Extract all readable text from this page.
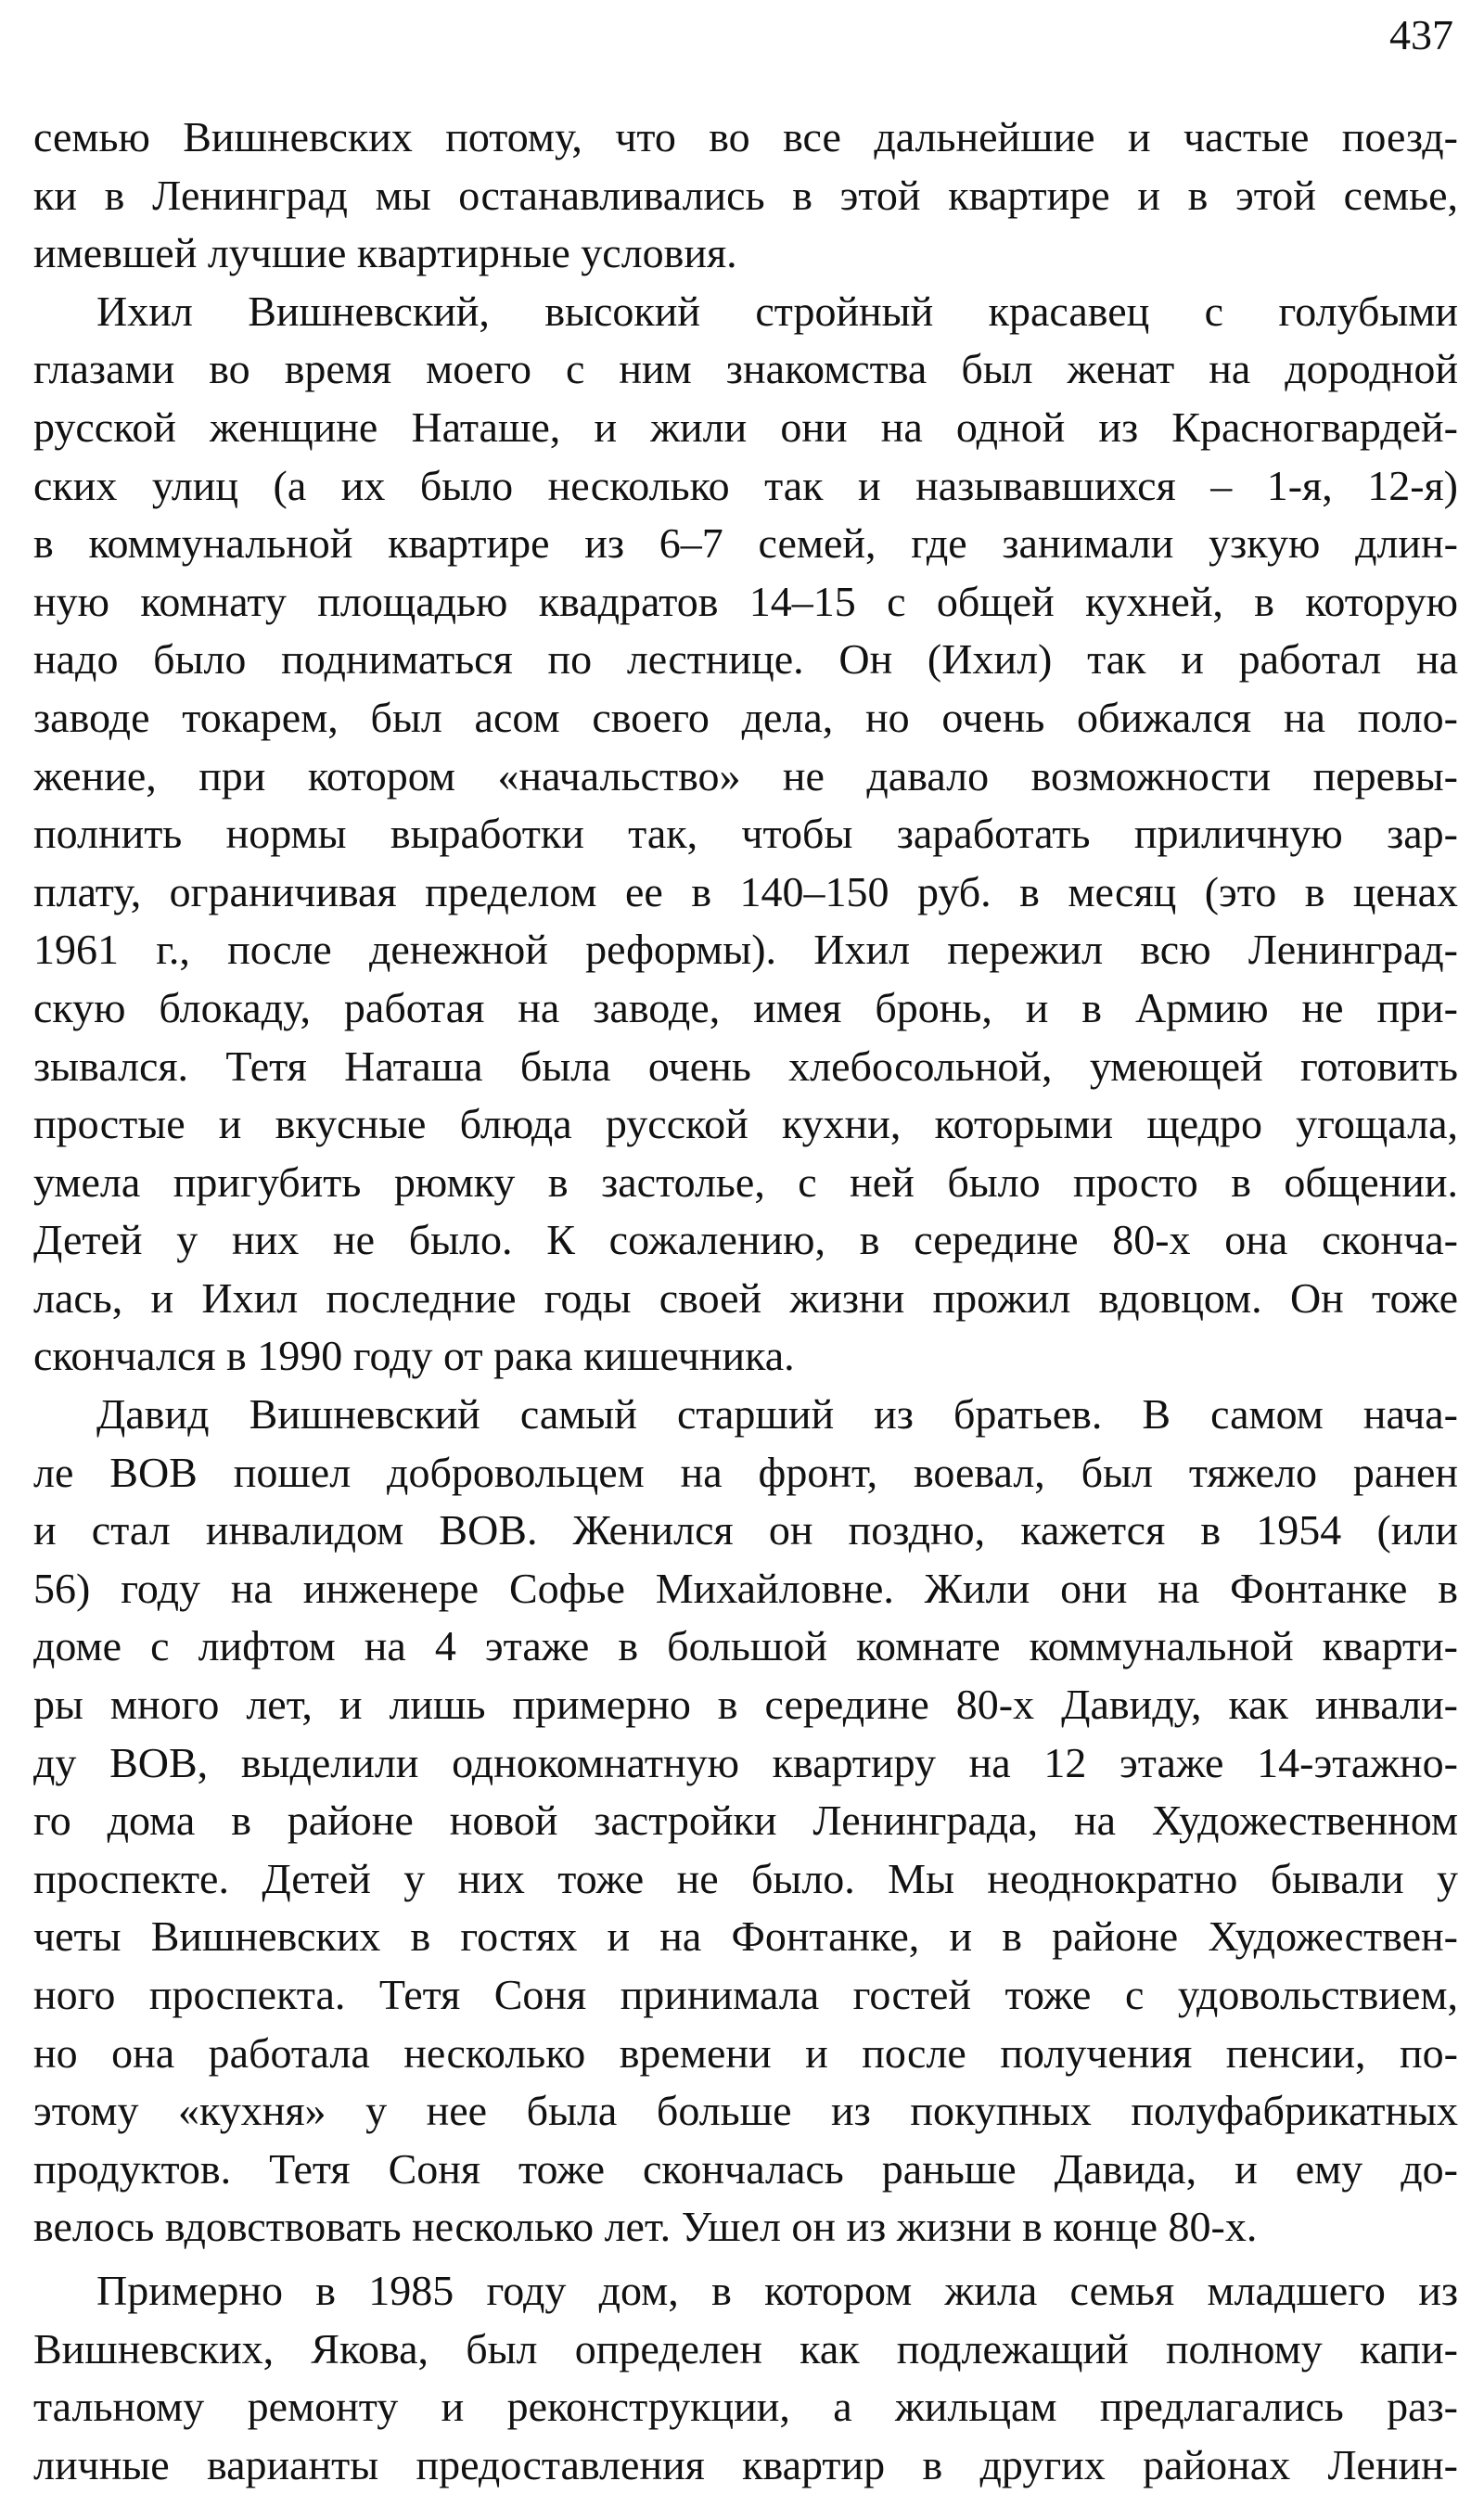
437
семью Вишневских потому, что во все дальнейшие и частые поезд-
ки в Ленинград мы останавливались в этой квартире и в этой семье,
имевшей лучшие квартирные условия.
Ихил Вишневский, высокий стройный красавец с голубыми
глазами во время моего с ним знакомства был женат на дородной
русской женщине Наташе, и жили они на одной из Красногвардей-
ских улиц (а их было несколько так и называвшихся – 1-я, 12-я)
в коммунальной квартире из 6–7 семей, где занимали узкую длин-
ную комнату площадью квадратов 14–15 с общей кухней, в которую
надо было подниматься по лестнице. Он (Ихил) так и работал на
заводе токарем, был асом своего дела, но очень обижался на поло-
жение, при котором «начальство» не давало возможности перевы-
полнить нормы выработки так, чтобы заработать приличную зар-
плату, ограничивая пределом ее в 140–150 руб. в месяц (это в ценах
1961 г., после денежной реформы). Ихил пережил всю Ленинград-
скую блокаду, работая на заводе, имея бронь, и в Армию не при-
зывался. Тетя Наташа была очень хлебосольной, умеющей готовить
простые и вкусные блюда русской кухни, которыми щедро угощала,
умела пригубить рюмку в застолье, с ней было просто в общении.
Детей у них не было. К сожалению, в середине 80-х она сконча-
лась, и Ихил последние годы своей жизни прожил вдовцом. Он тоже
скончался в 1990 году от рака кишечника.
Давид Вишневский самый старший из братьев. В самом нача-
ле ВОВ пошел добровольцем на фронт, воевал, был тяжело ранен
и стал инвалидом ВОВ. Женился он поздно, кажется в 1954 (или
56) году на инженере Софье Михайловне. Жили они на Фонтанке в
доме с лифтом на 4 этаже в большой комнате коммунальной кварти-
ры много лет, и лишь примерно в середине 80-х Давиду, как инвали-
ду ВОВ, выделили однокомнатную квартиру на 12 этаже 14-этажно-
го дома в районе новой застройки Ленинграда, на Художественном
проспекте. Детей у них тоже не было. Мы неоднократно бывали у
четы Вишневских в гостях и на Фонтанке, и в районе Художествен-
ного проспекта. Тетя Соня принимала гостей тоже с удовольствием,
но она работала несколько времени и после получения пенсии, по-
этому «кухня» у нее была больше из покупных полуфабрикатных
продуктов. Тетя Соня тоже скончалась раньше Давида, и ему до-
велось вдовствовать несколько лет. Ушел он из жизни в конце 80-х.
Примерно в 1985 году дом, в котором жила семья младшего из
Вишневских, Якова, был определен как подлежащий полному капи-
тальному ремонту и реконструкции, а жильцам предлагались раз-
личные варианты предоставления квартир в других районах Ленин-
